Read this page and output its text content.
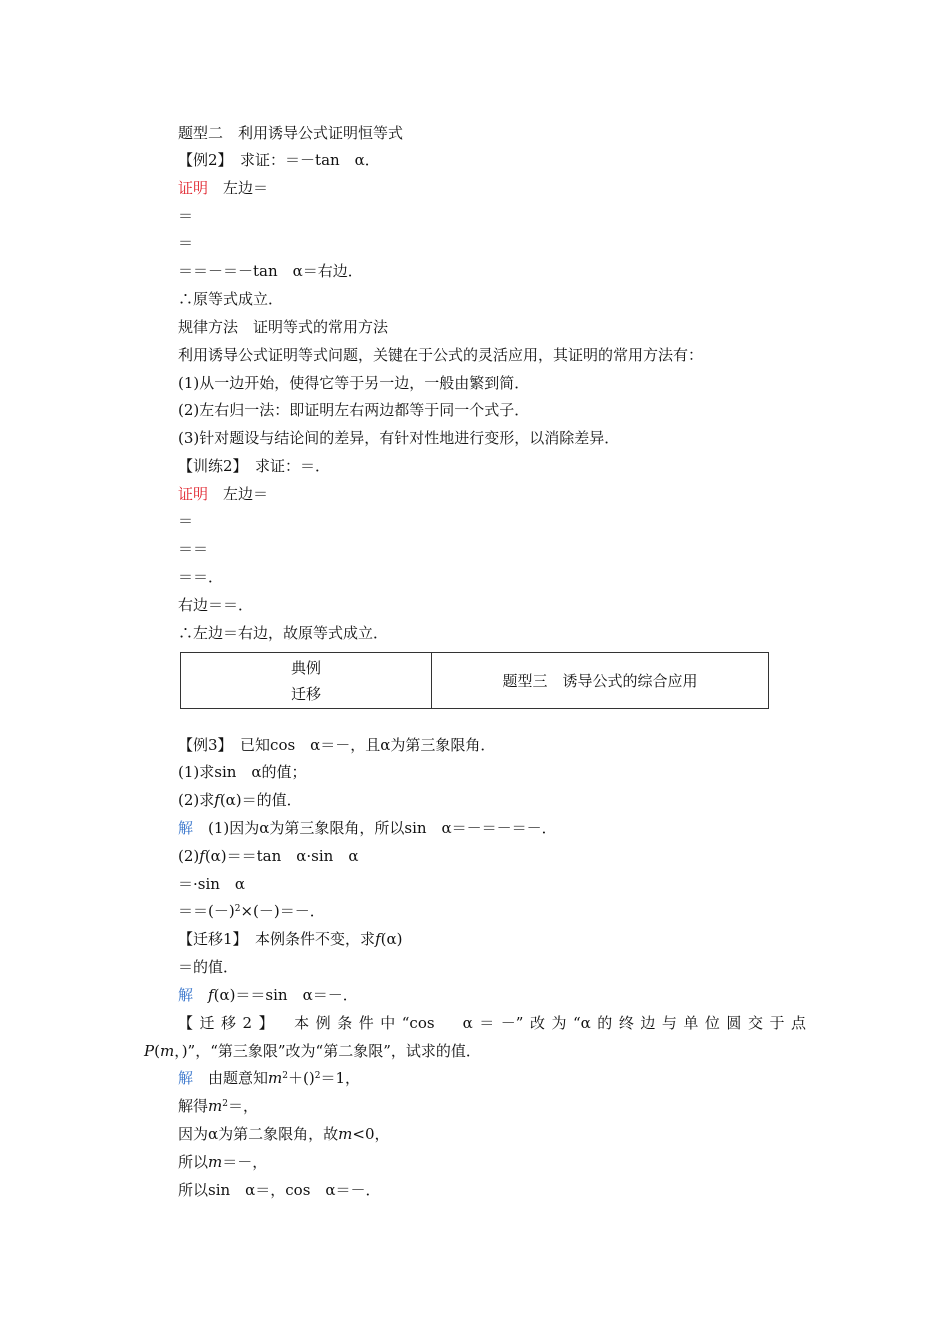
题型二　利用诱导公式证明恒等式
【例2】　求证：＝－tan　α．
证明　左边＝
＝
＝
＝＝－＝－tan　α＝右边．
∴原等式成立．
规律方法　证明等式的常用方法
利用诱导公式证明等式问题，关键在于公式的灵活应用，其证明的常用方法有：
(1)从一边开始，使得它等于另一边，一般由繁到简．
(2)左右归一法：即证明左右两边都等于同一个式子．
(3)针对题设与结论间的差异，有针对性地进行变形，以消除差异．
【训练2】　求证：＝．
证明　左边＝
＝
＝＝
＝＝．
右边＝＝．
∴左边＝右边，故原等式成立．
典例
迁移
题型三　诱导公式的综合应用
【例3】　已知cos　α＝－，且α为第三象限角．
(1)求sin　α的值；
(2)求f(α)＝的值．
解　(1)因为α为第三象限角，所以sin　α＝－＝－＝－．
(2)f(α)＝＝tan　α·sin　α
＝·sin　α
$==(-)^2\times(-)=-$．
【迁移1】　本例条件不变，求f(α)
＝的值．
解　 f(α)＝＝sin　α＝－．
【迁移2】　本例条件中“cos　α＝－”改为“α的终边与单位圆交于点
P(m，)”，“第三象限”改为“第二象限”，试求的值．
解　由题意知$m^2+()^2=1$，
解得$m^2=$，
因为α为第二象限角，故m<0，
所以m＝－，
所以sin　α＝，cos　α＝－．
